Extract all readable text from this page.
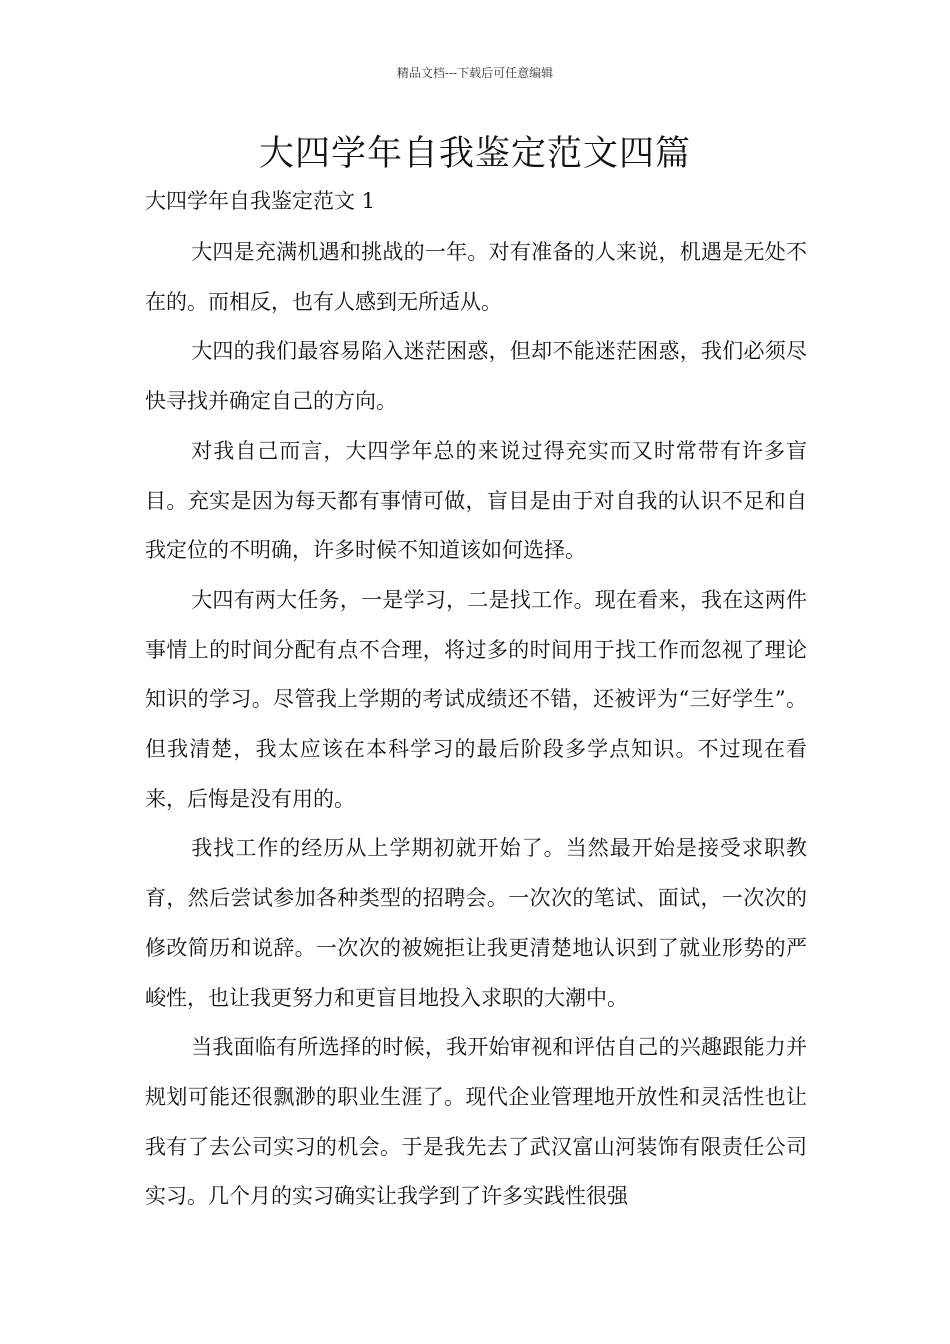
精品文档---下载后可任意编辑
大四学年自我鉴定范文四篇

大四学年自我鉴定范文 1

大四是充满机遇和挑战的一年。对有准备的人来说，机遇是无处不在的。而相反，也有人感到无所适从。

大四的我们最容易陷入迷茫困惑，但却不能迷茫困惑，我们必须尽快寻找并确定自己的方向。

对我自己而言，大四学年总的来说过得充实而又时常带有许多盲目。充实是因为每天都有事情可做，盲目是由于对自我的认识不足和自我定位的不明确，许多时候不知道该如何选择。

大四有两大任务，一是学习，二是找工作。现在看来，我在这两件事情上的时间分配有点不合理，将过多的时间用于找工作而忽视了理论知识的学习。尽管我上学期的考试成绩还不错，还被评为“三好学生”。但我清楚，我太应该在本科学习的最后阶段多学点知识。不过现在看来，后悔是没有用的。

我找工作的经历从上学期初就开始了。当然最开始是接受求职教育，然后尝试参加各种类型的招聘会。一次次的笔试、面试，一次次的修改简历和说辞。一次次的被婉拒让我更清楚地认识到了就业形势的严峻性，也让我更努力和更盲目地投入求职的大潮中。

当我面临有所选择的时候，我开始审视和评估自己的兴趣跟能力并规划可能还很飘渺的职业生涯了。现代企业管理地开放性和灵活性也让我有了去公司实习的机会。于是我先去了武汉富山河装饰有限责任公司实习。几个月的实习确实让我学到了许多实践性很强
